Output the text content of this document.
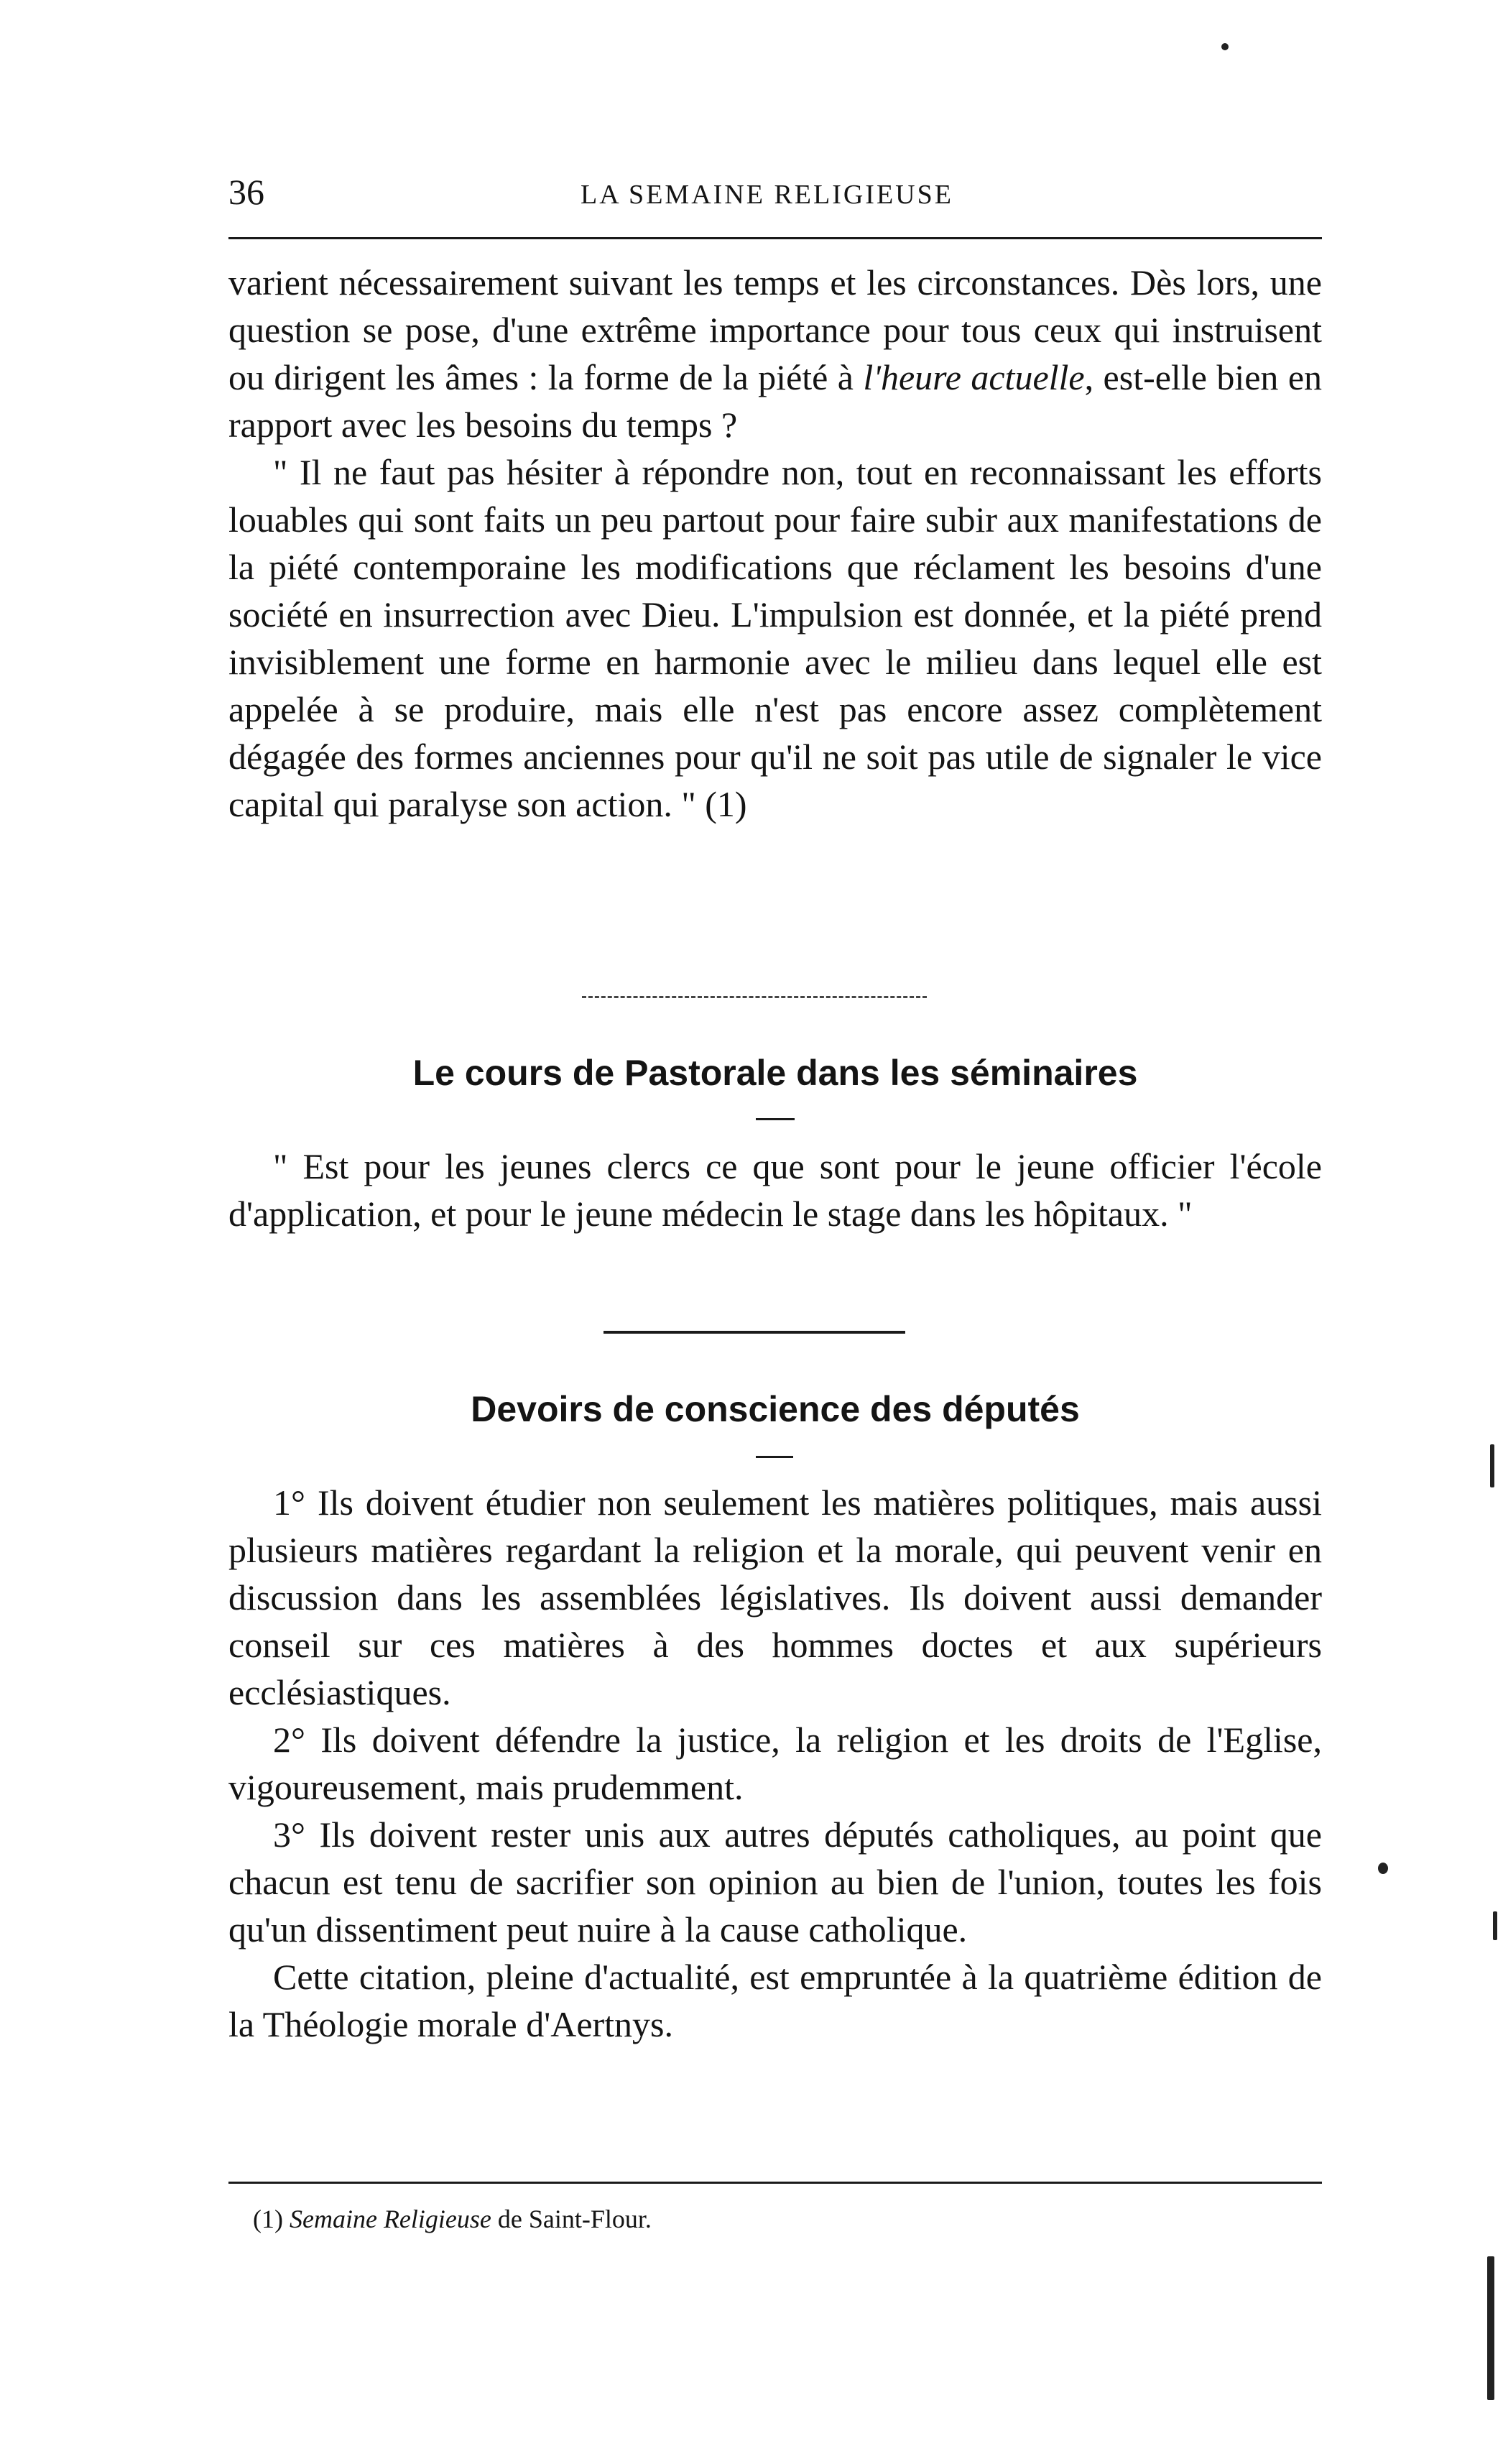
36	LA SEMAINE RELIGIEUSE

varient nécessairement suivant les temps et les circonstances. Dès lors, une question se pose, d'une extrême importance pour tous ceux qui instruisent ou dirigent les âmes : la forme de la piété à l'heure actuelle, est-elle bien en rapport avec les besoins du temps ?

" Il ne faut pas hésiter à répondre non, tout en reconnaissant les efforts louables qui sont faits un peu partout pour faire subir aux manifestations de la piété contemporaine les modifications que réclament les besoins d'une société en insurrection avec Dieu. L'impulsion est donnée, et la piété prend invisiblement une forme en harmonie avec le milieu dans lequel elle est appelée à se produire, mais elle n'est pas encore assez complètement dégagée des formes anciennes pour qu'il ne soit pas utile de signaler le vice capital qui paralyse son action. " (1)

Le cours de Pastorale dans les séminaires

" Est pour les jeunes clercs ce que sont pour le jeune officier l'école d'application, et pour le jeune médecin le stage dans les hôpitaux. "

Devoirs de conscience des députés

1° Ils doivent étudier non seulement les matières politiques, mais aussi plusieurs matières regardant la religion et la morale, qui peuvent venir en discussion dans les assemblées législatives. Ils doivent aussi demander conseil sur ces matières à des hommes doctes et aux supérieurs ecclésiastiques.

2° Ils doivent défendre la justice, la religion et les droits de l'Eglise, vigoureusement, mais prudemment.

3° Ils doivent rester unis aux autres députés catholiques, au point que chacun est tenu de sacrifier son opinion au bien de l'union, toutes les fois qu'un dissentiment peut nuire à la cause catholique.

Cette citation, pleine d'actualité, est empruntée à la quatrième édition de la Théologie morale d'Aertnys.

(1) Semaine Religieuse de Saint-Flour.
